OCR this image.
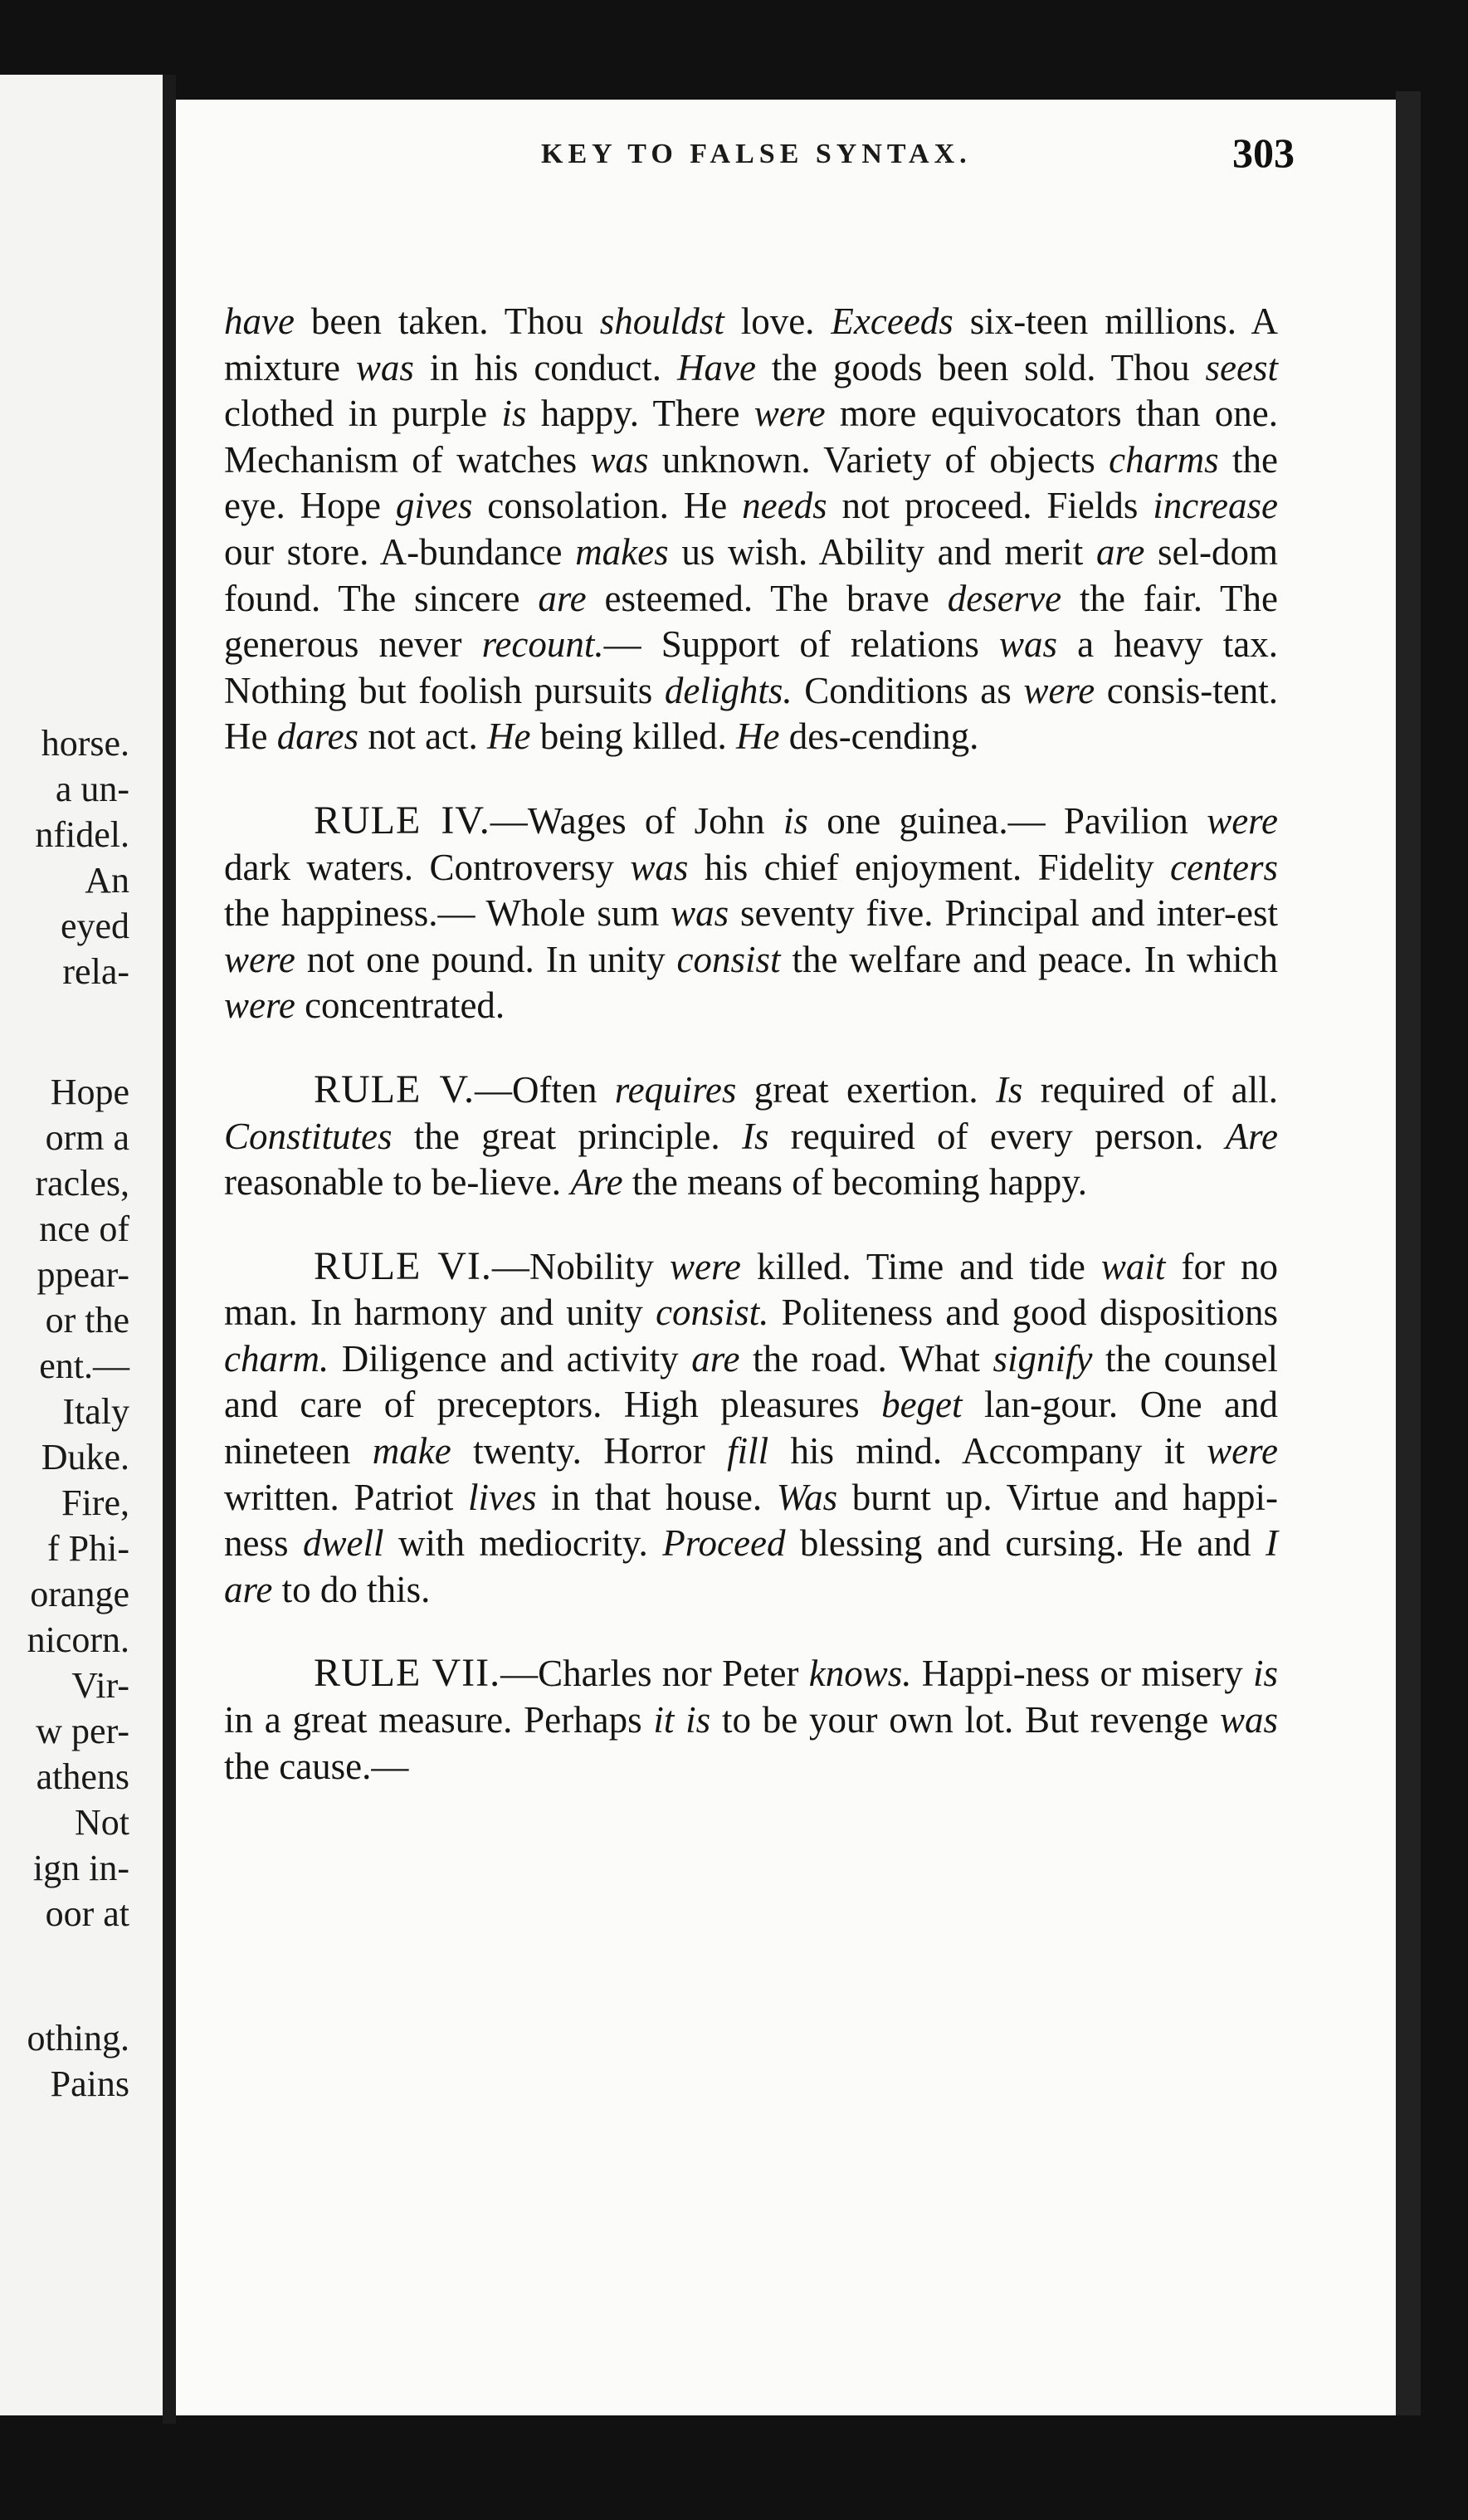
horse.
a un-
nfidel.
An
eyed
rela-
Hope
orm a
racles,
nce of
ppear-
or the
ent.—
Italy
Duke.
Fire,
f Phi-
orange
nicorn.
Vir-
w per-
athens
Not
ign in-
oor at
othing.
Pains
KEY TO FALSE SYNTAX.	303

have been taken. Thou shouldst love. Exceeds six-teen millions. A mixture was in his conduct. Have the goods been sold. Thou seest clothed in purple is happy. There were more equivocators than one. Mechanism of watches was unknown. Variety of objects charms the eye. Hope gives consolation. He needs not proceed. Fields increase our store. A-bundance makes us wish. Ability and merit are sel-dom found. The sincere are esteemed. The brave deserve the fair. The generous never recount.— Support of relations was a heavy tax. Nothing but foolish pursuits delights. Conditions as were consis-tent. He dares not act. He being killed. He des-cending.

RULE IV.—Wages of John is one guinea.— Pavilion were dark waters. Controversy was his chief enjoyment. Fidelity centers the happiness.— Whole sum was seventy five. Principal and inter-est were not one pound. In unity consist the welfare and peace. In which were concentrated.

RULE V.—Often requires great exertion. Is required of all. Constitutes the great principle. Is required of every person. Are reasonable to be-lieve. Are the means of becoming happy.

RULE VI.—Nobility were killed. Time and tide wait for no man. In harmony and unity consist. Politeness and good dispositions charm. Diligence and activity are the road. What signify the counsel and care of preceptors. High pleasures beget lan-gour. One and nineteen make twenty. Horror fill his mind. Accompany it were written. Patriot lives in that house. Was burnt up. Virtue and happi-ness dwell with mediocrity. Proceed blessing and cursing. He and I are to do this.

RULE VII.—Charles nor Peter knows. Happi-ness or misery is in a great measure. Perhaps it is to be your own lot. But revenge was the cause.—
